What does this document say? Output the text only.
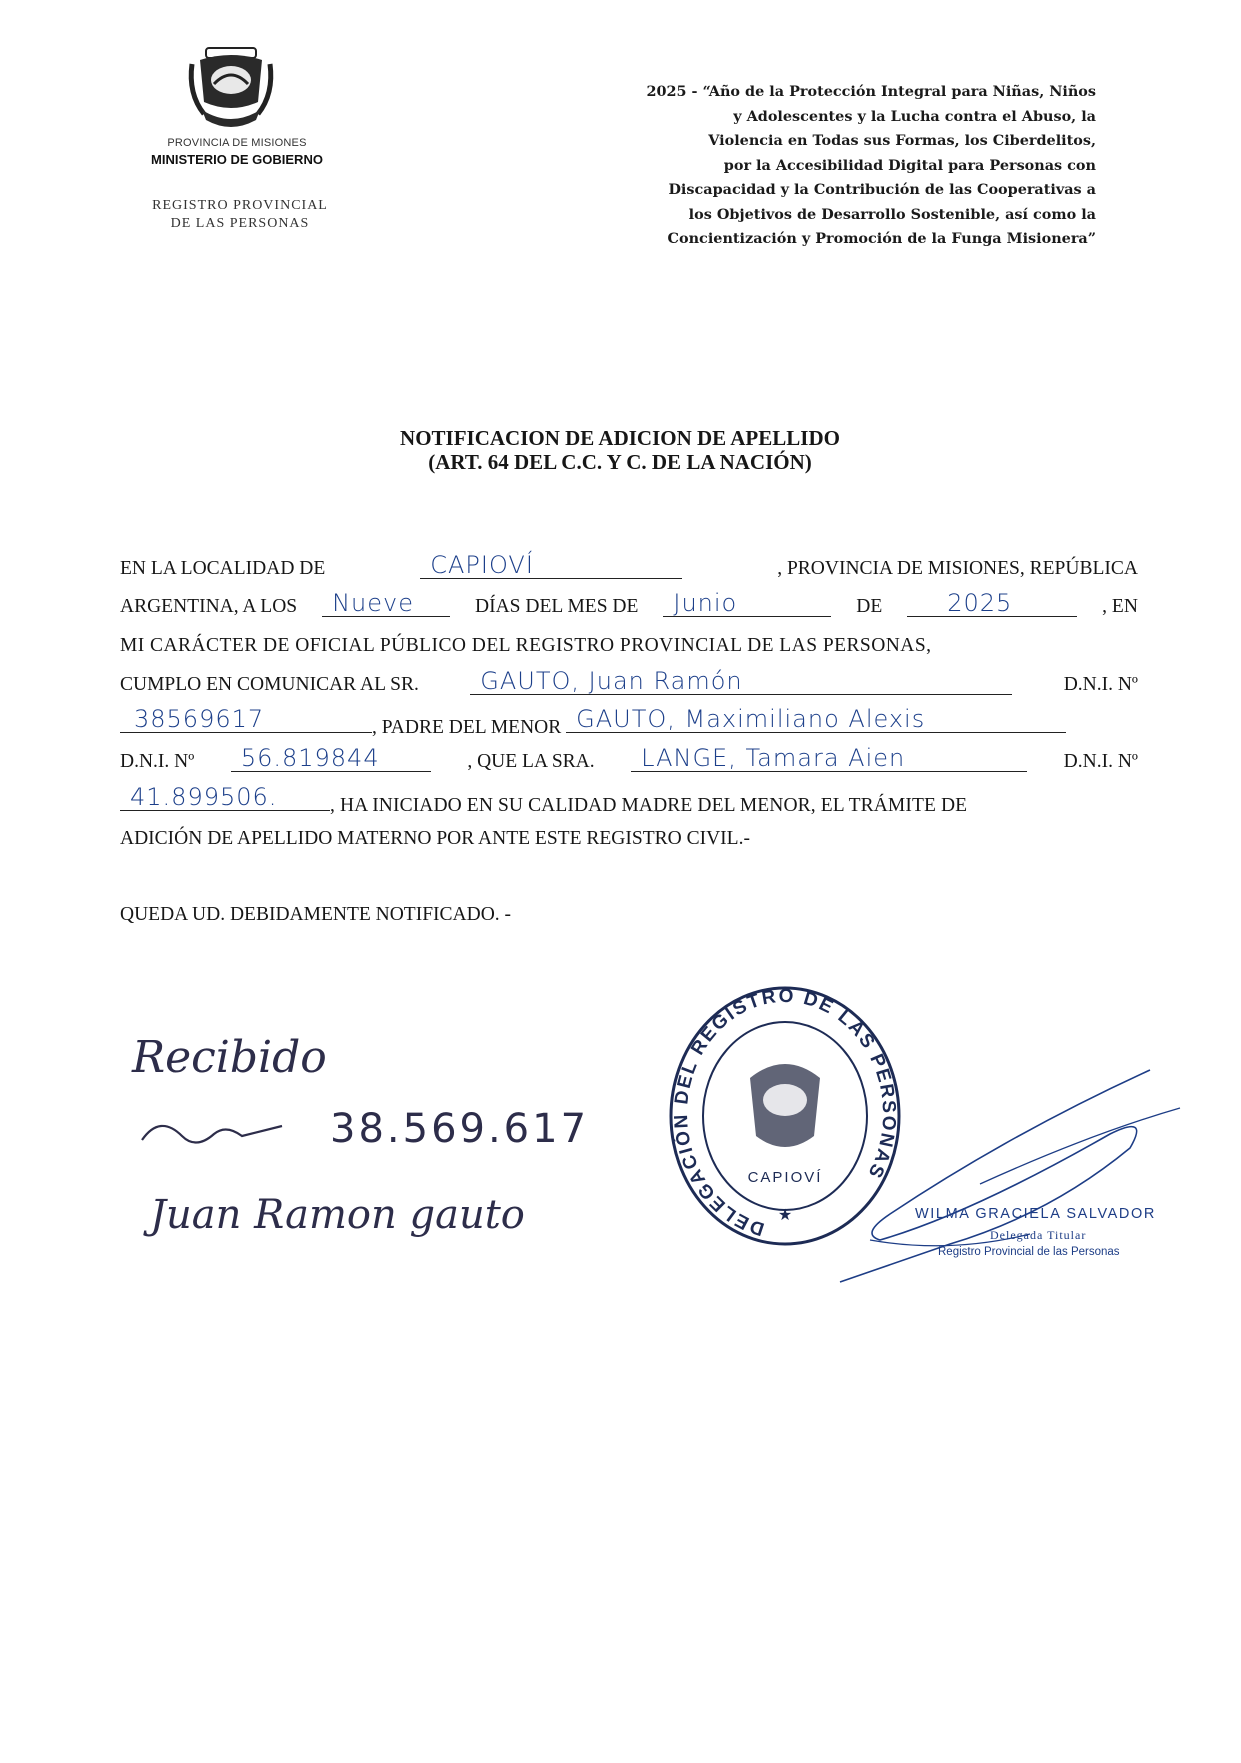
PROVINCIA DE MISIONES
MINISTERIO DE GOBIERNO
REGISTRO PROVINCIAL
DE LAS PERSONAS
2025 - “Año de la Protección Integral para Niñas, Niños
y Adolescentes y la Lucha contra el Abuso, la
Violencia en Todas sus Formas, los Ciberdelitos,
por la Accesibilidad Digital para Personas con
Discapacidad y la Contribución de las Cooperativas a
los Objetivos de Desarrollo Sostenible, así como la
Concientización y Promoción de la Funga Misionera”
NOTIFICACION DE ADICION DE APELLIDO
(ART. 64 DEL C.C. Y C. DE LA NACIÓN)
EN LA LOCALIDAD DE	CAPIOVÍ	, PROVINCIA DE MISIONES, REPÚBLICA
ARGENTINA, A LOS Nueve	DÍAS DEL MES DE Junio	DE	2025	, EN
MI CARÁCTER DE OFICIAL PÚBLICO DEL REGISTRO PROVINCIAL DE LAS PERSONAS,
CUMPLO EN COMUNICAR AL SR.	GAUTO, Juan Ramón	D.N.I. Nº
38569617	, PADRE DEL MENOR GAUTO, Maximiliano Alexis
D.N.I. Nº 56.819844	, QUE LA SRA. LANGE, Tamara Aien	D.N.I. Nº
41.899506.	, HA INICIADO EN SU CALIDAD MADRE DEL MENOR, EL TRÁMITE DE
ADICIÓN DE APELLIDO MATERNO POR ANTE ESTE REGISTRO CIVIL.-
QUEDA UD. DEBIDAMENTE NOTIFICADO. -
Recibido
38.569.617
Juan Ramon gauto	DELEGACIÓN DEL REGISTRO DE LAS PERSONAS
CAPIOVÍ
★	WILMA GRACIELA SALVADOR
Delegada Titular
Registro Provincial de las Personas
